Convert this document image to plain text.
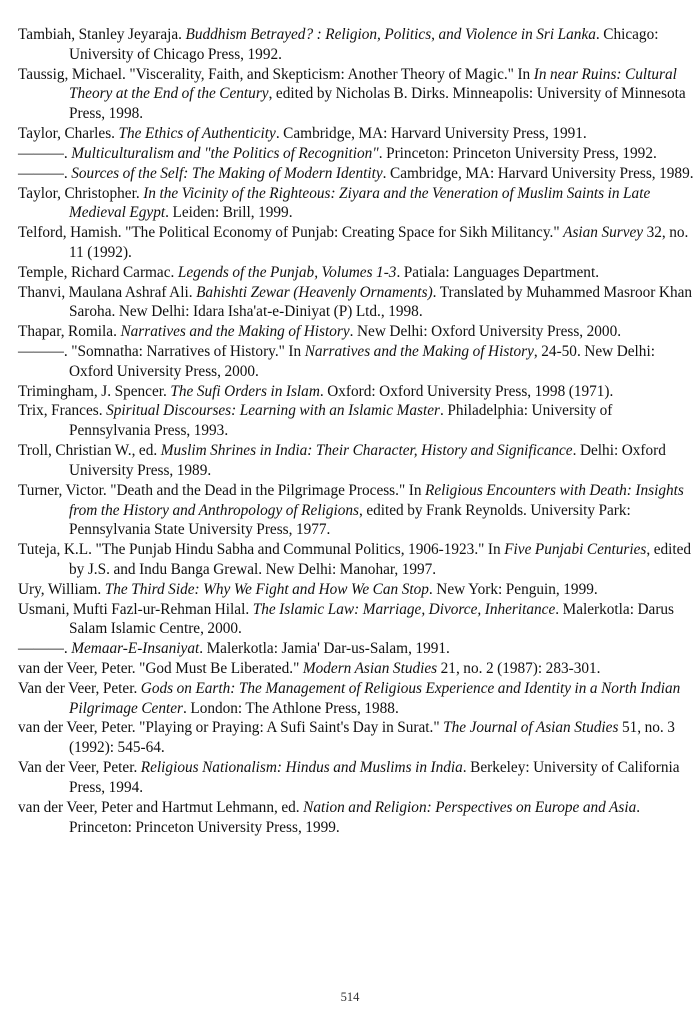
Tambiah, Stanley Jeyaraja. Buddhism Betrayed? : Religion, Politics, and Violence in Sri Lanka. Chicago: University of Chicago Press, 1992.

Taussig, Michael. "Viscerality, Faith, and Skepticism: Another Theory of Magic." In In near Ruins: Cultural Theory at the End of the Century, edited by Nicholas B. Dirks. Minneapolis: University of Minnesota Press, 1998.

Taylor, Charles. The Ethics of Authenticity. Cambridge, MA: Harvard University Press, 1991.

———. Multiculturalism and "the Politics of Recognition". Princeton: Princeton University Press, 1992.

———. Sources of the Self: The Making of Modern Identity. Cambridge, MA: Harvard University Press, 1989.

Taylor, Christopher. In the Vicinity of the Righteous: Ziyara and the Veneration of Muslim Saints in Late Medieval Egypt. Leiden: Brill, 1999.

Telford, Hamish. "The Political Economy of Punjab: Creating Space for Sikh Militancy." Asian Survey 32, no. 11 (1992).

Temple, Richard Carmac. Legends of the Punjab, Volumes 1-3. Patiala: Languages Department.

Thanvi, Maulana Ashraf Ali. Bahishti Zewar (Heavenly Ornaments). Translated by Muhammed Masroor Khan Saroha. New Delhi: Idara Isha'at-e-Diniyat (P) Ltd., 1998.

Thapar, Romila. Narratives and the Making of History. New Delhi: Oxford University Press, 2000.

———. "Somnatha: Narratives of History." In Narratives and the Making of History, 24-50. New Delhi: Oxford University Press, 2000.

Trimingham, J. Spencer. The Sufi Orders in Islam. Oxford: Oxford University Press, 1998 (1971).

Trix, Frances. Spiritual Discourses: Learning with an Islamic Master. Philadelphia: University of Pennsylvania Press, 1993.

Troll, Christian W., ed. Muslim Shrines in India: Their Character, History and Significance. Delhi: Oxford University Press, 1989.

Turner, Victor. "Death and the Dead in the Pilgrimage Process." In Religious Encounters with Death: Insights from the History and Anthropology of Religions, edited by Frank Reynolds. University Park: Pennsylvania State University Press, 1977.

Tuteja, K.L. "The Punjab Hindu Sabha and Communal Politics, 1906-1923." In Five Punjabi Centuries, edited by J.S. and Indu Banga Grewal. New Delhi: Manohar, 1997.

Ury, William. The Third Side: Why We Fight and How We Can Stop. New York: Penguin, 1999.

Usmani, Mufti Fazl-ur-Rehman Hilal. The Islamic Law: Marriage, Divorce, Inheritance. Malerkotla: Darus Salam Islamic Centre, 2000.

———. Memaar-E-Insaniyat. Malerkotla: Jamia' Dar-us-Salam, 1991.

van der Veer, Peter. "God Must Be Liberated." Modern Asian Studies 21, no. 2 (1987): 283-301.

Van der Veer, Peter. Gods on Earth: The Management of Religious Experience and Identity in a North Indian Pilgrimage Center. London: The Athlone Press, 1988.

van der Veer, Peter. "Playing or Praying: A Sufi Saint's Day in Surat." The Journal of Asian Studies 51, no. 3 (1992): 545-64.

Van der Veer, Peter. Religious Nationalism: Hindus and Muslims in India. Berkeley: University of California Press, 1994.

van der Veer, Peter and Hartmut Lehmann, ed. Nation and Religion: Perspectives on Europe and Asia. Princeton: Princeton University Press, 1999.

514
